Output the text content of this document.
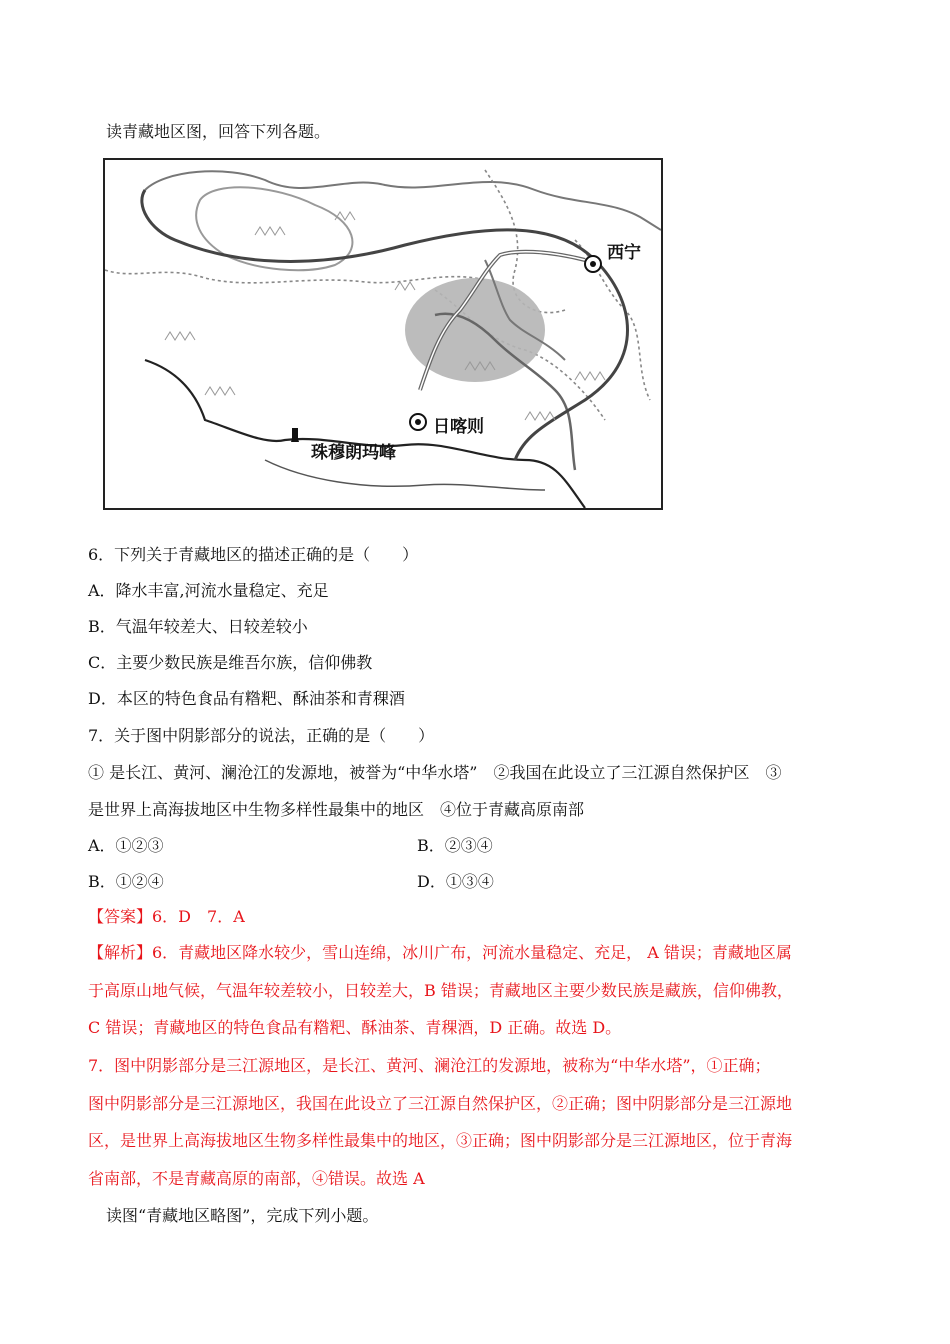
读青藏地区图，回答下列各题。
西宁
日喀则
珠穆朗玛峰
6．下列关于青藏地区的描述正确的是（　　）
A．降水丰富,河流水量稳定、充足
B．气温年较差大、日较差较小
C．主要少数民族是维吾尔族，信仰佛教
D．本区的特色食品有糌粑、酥油茶和青稞酒
7．关于图中阴影部分的说法，正确的是（　　）
① 是长江、黄河、澜沧江的发源地，被誉为“中华水塔”　②我国在此设立了三江源自然保护区　③
是世界上高海拔地区中生物多样性最集中的地区　④位于青藏高原南部
A．①②③	B．②③④
B．①②④	D．①③④
【答案】6．D　7．A
【解析】6．青藏地区降水较少，雪山连绵，冰川广布，河流水量稳定、充足， A 错误；青藏地区属
于高原山地气候，气温年较差较小，日较差大，B 错误；青藏地区主要少数民族是藏族，信仰佛教，
C 错误；青藏地区的特色食品有糌粑、酥油茶、青稞酒，D 正确。故选 D。
7．图中阴影部分是三江源地区，是长江、黄河、澜沧江的发源地，被称为“中华水塔”，①正确；
图中阴影部分是三江源地区，我国在此设立了三江源自然保护区，②正确；图中阴影部分是三江源地
区，是世界上高海拔地区生物多样性最集中的地区，③正确；图中阴影部分是三江源地区，位于青海
省南部，不是青藏高原的南部，④错误。故选 A
读图“青藏地区略图”，完成下列小题。
